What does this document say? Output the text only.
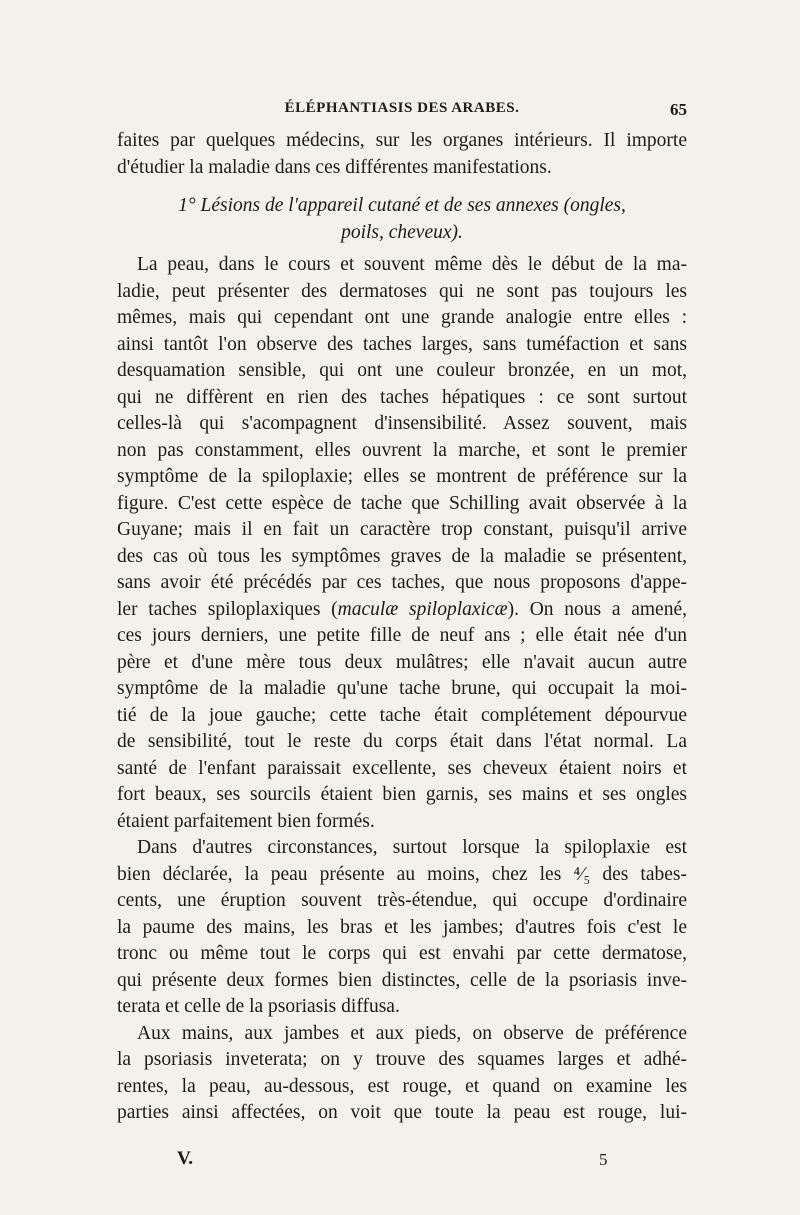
ÉLÉPHANTIASIS DES ARABES.	65
faites par quelques médecins, sur les organes intérieurs. Il importe
d'étudier la maladie dans ces différentes manifestations.
1° Lésions de l'appareil cutané et de ses annexes (ongles,
poils, cheveux).
La peau, dans le cours et souvent même dès le début de la ma-
ladie, peut présenter des dermatoses qui ne sont pas toujours les
mêmes, mais qui cependant ont une grande analogie entre elles :
ainsi tantôt l'on observe des taches larges, sans tuméfaction et sans
desquamation sensible, qui ont une couleur bronzée, en un mot,
qui ne diffèrent en rien des taches hépatiques : ce sont surtout
celles-là qui s'acompagnent d'insensibilité. Assez souvent, mais
non pas constamment, elles ouvrent la marche, et sont le premier
symptôme de la spiloplaxie; elles se montrent de préférence sur la
figure. C'est cette espèce de tache que Schilling avait observée à la
Guyane; mais il en fait un caractère trop constant, puisqu'il arrive
des cas où tous les symptômes graves de la maladie se présentent,
sans avoir été précédés par ces taches, que nous proposons d'appe-
ler taches spiloplaxiques (maculæ spiloplaxicæ). On nous a amené,
ces jours derniers, une petite fille de neuf ans ; elle était née d'un
père et d'une mère tous deux mulâtres; elle n'avait aucun autre
symptôme de la maladie qu'une tache brune, qui occupait la moi-
tié de la joue gauche; cette tache était complétement dépourvue
de sensibilité, tout le reste du corps était dans l'état normal. La
santé de l'enfant paraissait excellente, ses cheveux étaient noirs et
fort beaux, ses sourcils étaient bien garnis, ses mains et ses ongles
étaient parfaitement bien formés.
Dans d'autres circonstances, surtout lorsque la spiloplaxie est
bien déclarée, la peau présente au moins, chez les ⁴⁄₅ des tabes-
cents, une éruption souvent très-étendue, qui occupe d'ordinaire
la paume des mains, les bras et les jambes; d'autres fois c'est le
tronc ou même tout le corps qui est envahi par cette dermatose,
qui présente deux formes bien distinctes, celle de la psoriasis inve-
terata et celle de la psoriasis diffusa.
Aux mains, aux jambes et aux pieds, on observe de préférence
la psoriasis inveterata; on y trouve des squames larges et adhé-
rentes, la peau, au-dessous, est rouge, et quand on examine les
parties ainsi affectées, on voit que toute la peau est rouge, lui-
V.	5
